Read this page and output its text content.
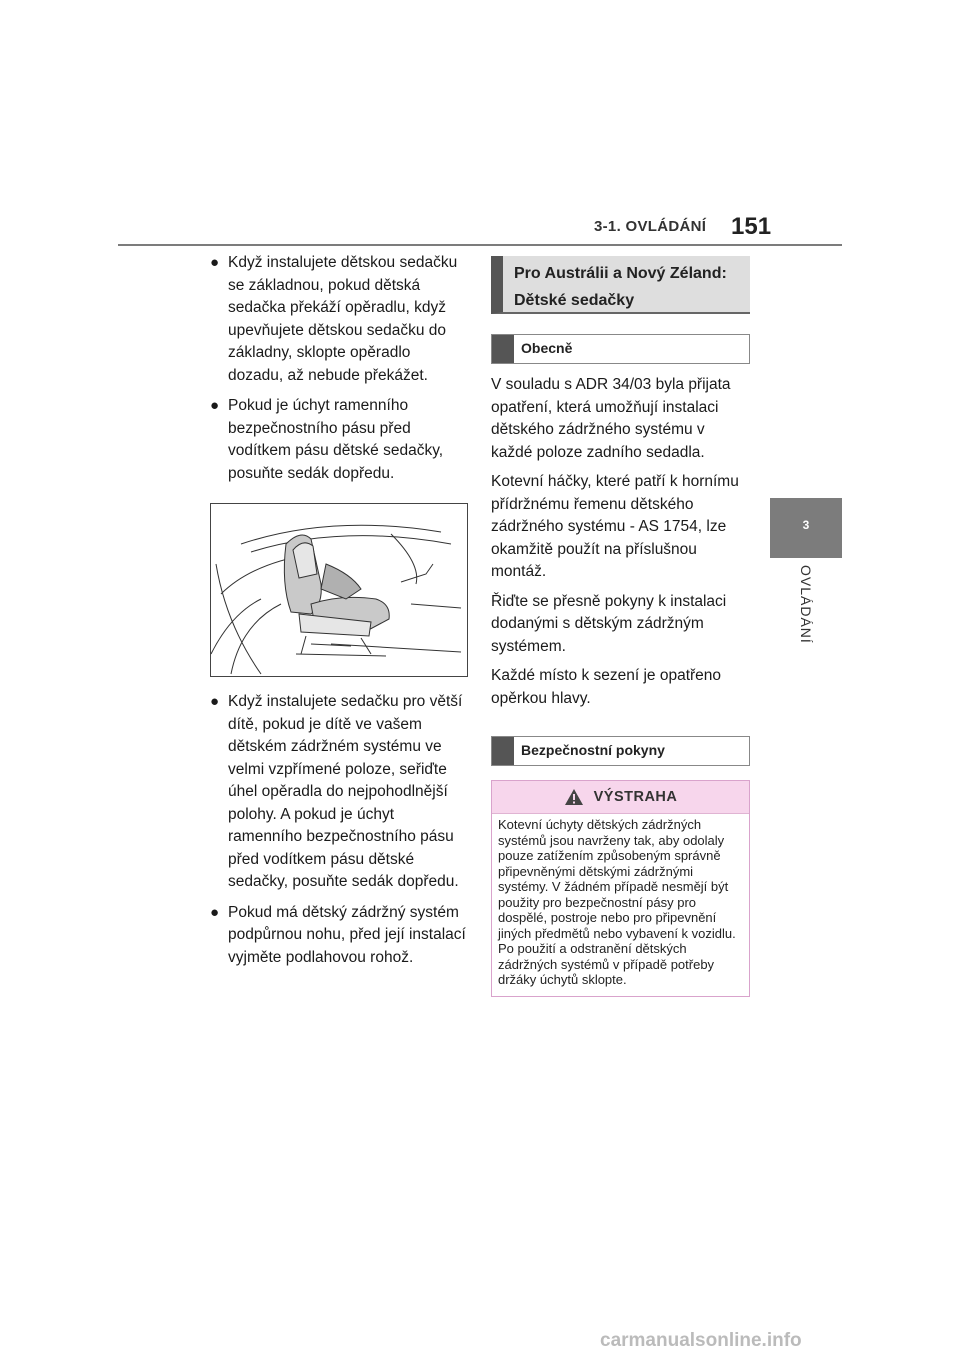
3-1. OVLÁDÁNÍ 151
3
OVLÁDÁNÍ
● Když instalujete dětskou sedačku se základnou, pokud dětská sedačka překáží opěradlu, když upevňujete dětskou sedačku do základny, sklopte opěradlo dozadu, až nebude překážet.
● Pokud je úchyt ramenního bezpečnostního pásu před vodítkem pásu dětské sedačky, posuňte sedák dopředu.
● Když instalujete sedačku pro větší dítě, pokud je dítě ve vašem dětském zádržném systému ve velmi vzpřímené poloze, seřiďte úhel opěradla do nejpohodlnější polohy. A pokud je úchyt ramenního bezpečnostního pásu před vodítkem pásu dětské sedačky, posuňte sedák dopředu.
● Pokud má dětský zádržný systém podpůrnou nohu, před její instalací vyjměte podlahovou rohož.
Pro Austrálii a Nový Zéland:
Dětské sedačky
Obecně

V souladu s ADR 34/03 byla přijata opatření, která umožňují instalaci dětského zádržného systému v každé poloze zadního sedadla.

Kotevní háčky, které patří k hornímu přídržnému řemenu dětského zádržného systému - AS 1754, lze okamžitě použít na příslušnou montáž.

Řiďte se přesně pokyny k instalaci dodanými s dětským zádržným systémem.

Každé místo k sezení je opatřeno opěrkou hlavy.

Bezpečnostní pokyny
VÝSTRAHA
Kotevní úchyty dětských zádržných systémů jsou navrženy tak, aby odolaly pouze zatížením způsobeným správně připevněnými dětskými zádržnými systémy. V žádném případě nesmějí být použity pro bezpečnostní pásy pro dospělé, postroje nebo pro připevnění jiných předmětů nebo vybavení k vozidlu. Po použití a odstranění dětských zádržných systémů v případě potřeby držáky úchytů sklopte.
carmanualsonline.info
